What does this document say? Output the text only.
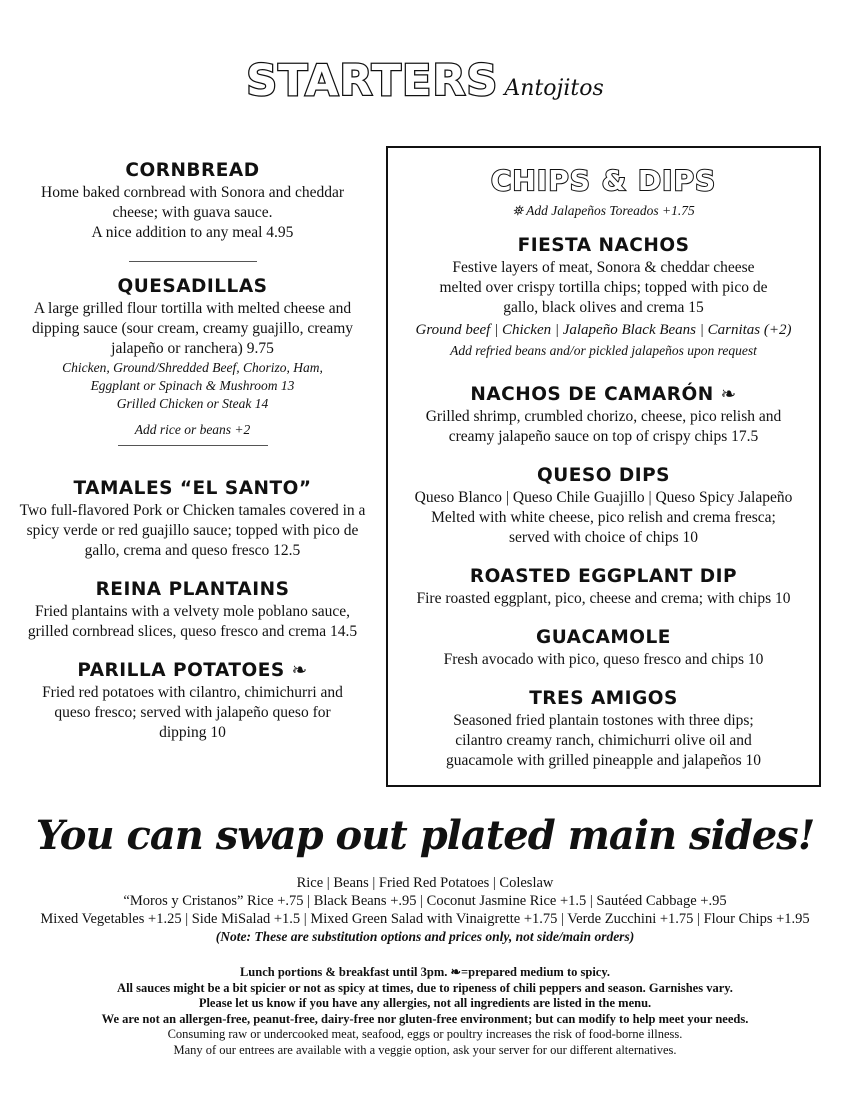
STARTERS Antojitos
CORNBREAD
Home baked cornbread with Sonora and cheddar cheese; with guava sauce.
A nice addition to any meal 4.95
QUESADILLAS
A large grilled flour tortilla with melted cheese and dipping sauce (sour cream, creamy guajillo, creamy jalapeño or ranchera) 9.75
Chicken, Ground/Shredded Beef, Chorizo, Ham,
Eggplant or Spinach & Mushroom 13
Grilled Chicken or Steak 14
Add rice or beans +2
TAMALES “EL SANTO”
Two full-flavored Pork or Chicken tamales covered in a spicy verde or red guajillo sauce; topped with pico de gallo, crema and queso fresco 12.5
REINA PLANTAINS
Fried plantains with a velvety mole poblano sauce, grilled cornbread slices, queso fresco and crema 14.5
PARILLA POTATOES ❧
Fried red potatoes with cilantro, chimichurri and queso fresco; served with jalapeño queso for dipping 10
CHIPS & DIPS
⛯ Add Jalapeños Toreados +1.75
FIESTA NACHOS
Festive layers of meat, Sonora & cheddar cheese melted over crispy tortilla chips; topped with pico de gallo, black olives and crema 15
Ground beef | Chicken | Jalapeño Black Beans | Carnitas (+2)
Add refried beans and/or pickled jalapeños upon request
NACHOS DE CAMARÓN ❧
Grilled shrimp, crumbled chorizo, cheese, pico relish and creamy jalapeño sauce on top of crispy chips 17.5
QUESO DIPS
Queso Blanco | Queso Chile Guajillo | Queso Spicy Jalapeño
Melted with white cheese, pico relish and crema fresca; served with choice of chips 10
ROASTED EGGPLANT DIP
Fire roasted eggplant, pico, cheese and crema; with chips 10
GUACAMOLE
Fresh avocado with pico, queso fresco and chips 10
TRES AMIGOS
Seasoned fried plantain tostones with three dips; cilantro creamy ranch, chimichurri olive oil and guacamole with grilled pineapple and jalapeños 10
You can swap out plated main sides!
Rice | Beans | Fried Red Potatoes | Coleslaw
“Moros y Cristanos” Rice +.75 | Black Beans +.95 | Coconut Jasmine Rice +1.5 | Sautéed Cabbage +.95
Mixed Vegetables +1.25 | Side MiSalad +1.5 | Mixed Green Salad with Vinaigrette +1.75 | Verde Zucchini +1.75 | Flour Chips +1.95
(Note: These are substitution options and prices only, not side/main orders)
Lunch portions & breakfast until 3pm. ❧=prepared medium to spicy.
All sauces might be a bit spicier or not as spicy at times, due to ripeness of chili peppers and season. Garnishes vary.
Please let us know if you have any allergies, not all ingredients are listed in the menu.
We are not an allergen-free, peanut-free, dairy-free nor gluten-free environment; but can modify to help meet your needs.
Consuming raw or undercooked meat, seafood, eggs or poultry increases the risk of food-borne illness.
Many of our entrees are available with a veggie option, ask your server for our different alternatives.
